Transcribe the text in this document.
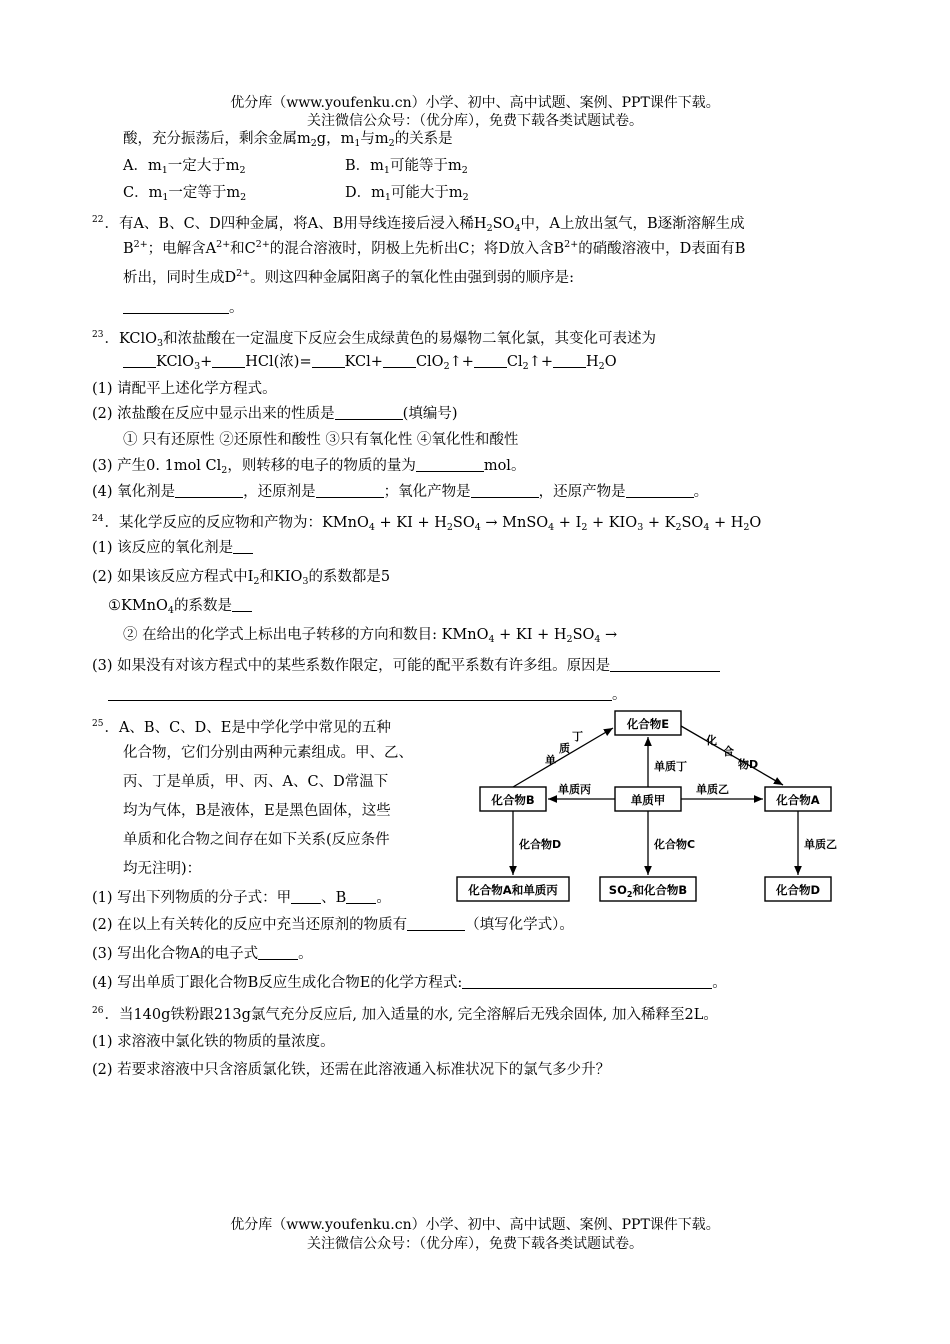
优分库（www.youfenku.cn）小学、初中、高中试题、案例、PPT课件下载。
关注微信公众号：（优分库），免费下载各类试题试卷。
酸，充分振荡后，剩余金属$m_2g$，$m_1$与$m_2$的关系是
A．$m_1$一定大于$m_2$	B．$m_1$可能等于$m_2$
C．$m_1$一定等于$m_2$	D．$m_1$可能大于$m_2$
$^{22}$．有A、B、C、D四种金属，将A、B用导线连接后浸入稀$H_2SO_4$中，A上放出氢气，B逐渐溶解生成
$B^{2+}$；电解含$A^{2+}$和$C^{2+}$的混合溶液时，阴极上先析出C；将D放入含$B^{2+}$的硝酸溶液中，D表面有B
析出，同时生成$D^{2+}$。则这四种金属阳离子的氧化性由强到弱的顺序是:
。
$^{23}$．KClO$_3$和浓盐酸在一定温度下反应会生成绿黄色的易爆物二氧化氯，其变化可表述为
KClO$_3$+ HCl(浓)= KCl+ ClO$_2$↑+ $Cl_2↑+ H_2O$
(1) 请配平上述化学方程式。
(2) 浓盐酸在反应中显示出来的性质是	(填编号)
① 只有还原性 ②还原性和酸性 ③只有氧化性 ④氧化性和酸性
(3) 产生0. 1mol $Cl_2$，则转移的电子的物质的量为	mol。
(4) 氧化剂是	，还原剂是	；氧化产物是	，还原产物是	。
$^{24}$．某化学反应的反应物和产物为：KMnO$_4$ + KI + $H_2SO_4$ → MnSO$_4$ + $I_2 + KIO_3 + K_2SO_4 + H_2O$
(1) 该反应的氧化剂是
(2) 如果该反应方程式中$I_2$和$KIO_3$的系数都是5
①KMnO$_4$的系数是
② 在给出的化学式上标出电子转移的方向和数目: KMnO$_4$ + KI + $H_2SO_4$ →
(3) 如果没有对该方程式中的某些系数作限定，可能的配平系数有许多组。原因是
。
$^{25}$．A、B、C、D、E是中学化学中常见的五种
化合物，它们分别由两种元素组成。甲、乙、
丙、丁是单质，甲、丙、A、C、D常温下
均为气体，B是液体，E是黑色固体，这些
单质和化合物之间存在如下关系(反应条件
均无注明)：
化合物E
化合物B	单质甲	化合物A
化合物A和单质丙	$SO_2$和化合物B	化合物D
单
质
丁	化
合
物D
单质丁
单质丙	单质乙
化合物D	化合物C	单质乙
(1) 写出下列物质的分子式：甲 、B 。
(2) 在以上有关转化的反应中充当还原剂的物质有	（填写化学式）。
(3) 写出化合物A的电子式	。
(4) 写出单质丁跟化合物B反应生成化合物E的化学方程式:	。
$^{26}$．当140g铁粉跟213g氯气充分反应后, 加入适量的水, 完全溶解后无残余固体, 加入稀释至2L。
(1) 求溶液中氯化铁的物质的量浓度。
(2) 若要求溶液中只含溶质氯化铁，还需在此溶液通入标准状况下的氯气多少升？
优分库（www.youfenku.cn）小学、初中、高中试题、案例、PPT课件下载。
关注微信公众号：（优分库），免费下载各类试题试卷。
